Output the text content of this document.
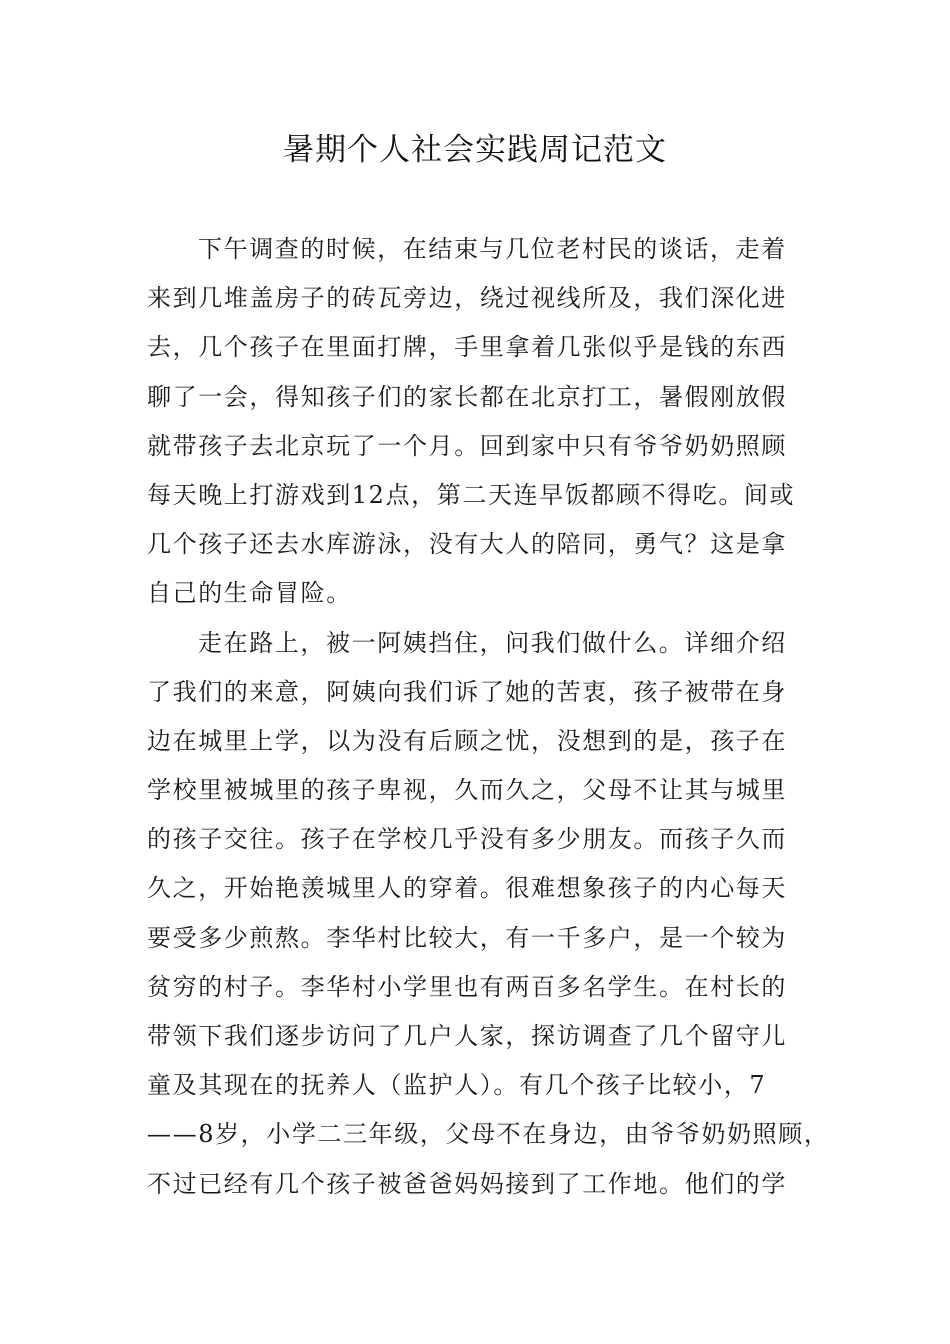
暑期个人社会实践周记范文
下午调查的时候，在结束与几位老村民的谈话，走着
来到几堆盖房子的砖瓦旁边，绕过视线所及，我们深化进
去，几个孩子在里面打牌，手里拿着几张似乎是钱的东西
聊了一会，得知孩子们的家长都在北京打工，暑假刚放假
就带孩子去北京玩了一个月。回到家中只有爷爷奶奶照顾
每天晚上打游戏到12点，第二天连早饭都顾不得吃。间或
几个孩子还去水库游泳，没有大人的陪同，勇气？这是拿
自己的生命冒险。
走在路上，被一阿姨挡住，问我们做什么。详细介绍
了我们的来意，阿姨向我们诉了她的苦衷，孩子被带在身
边在城里上学，以为没有后顾之忧，没想到的是，孩子在
学校里被城里的孩子卑视，久而久之，父母不让其与城里
的孩子交往。孩子在学校几乎没有多少朋友。而孩子久而
久之，开始艳羡城里人的穿着。很难想象孩子的内心每天
要受多少煎熬。李华村比较大，有一千多户，是一个较为
贫穷的村子。李华村小学里也有两百多名学生。在村长的
带领下我们逐步访问了几户人家，探访调查了几个留守儿
童及其现在的抚养人（监护人）。有几个孩子比较小，7
——8岁，小学二三年级，父母不在身边，由爷爷奶奶照顾，
不过已经有几个孩子被爸爸妈妈接到了工作地。他们的学
